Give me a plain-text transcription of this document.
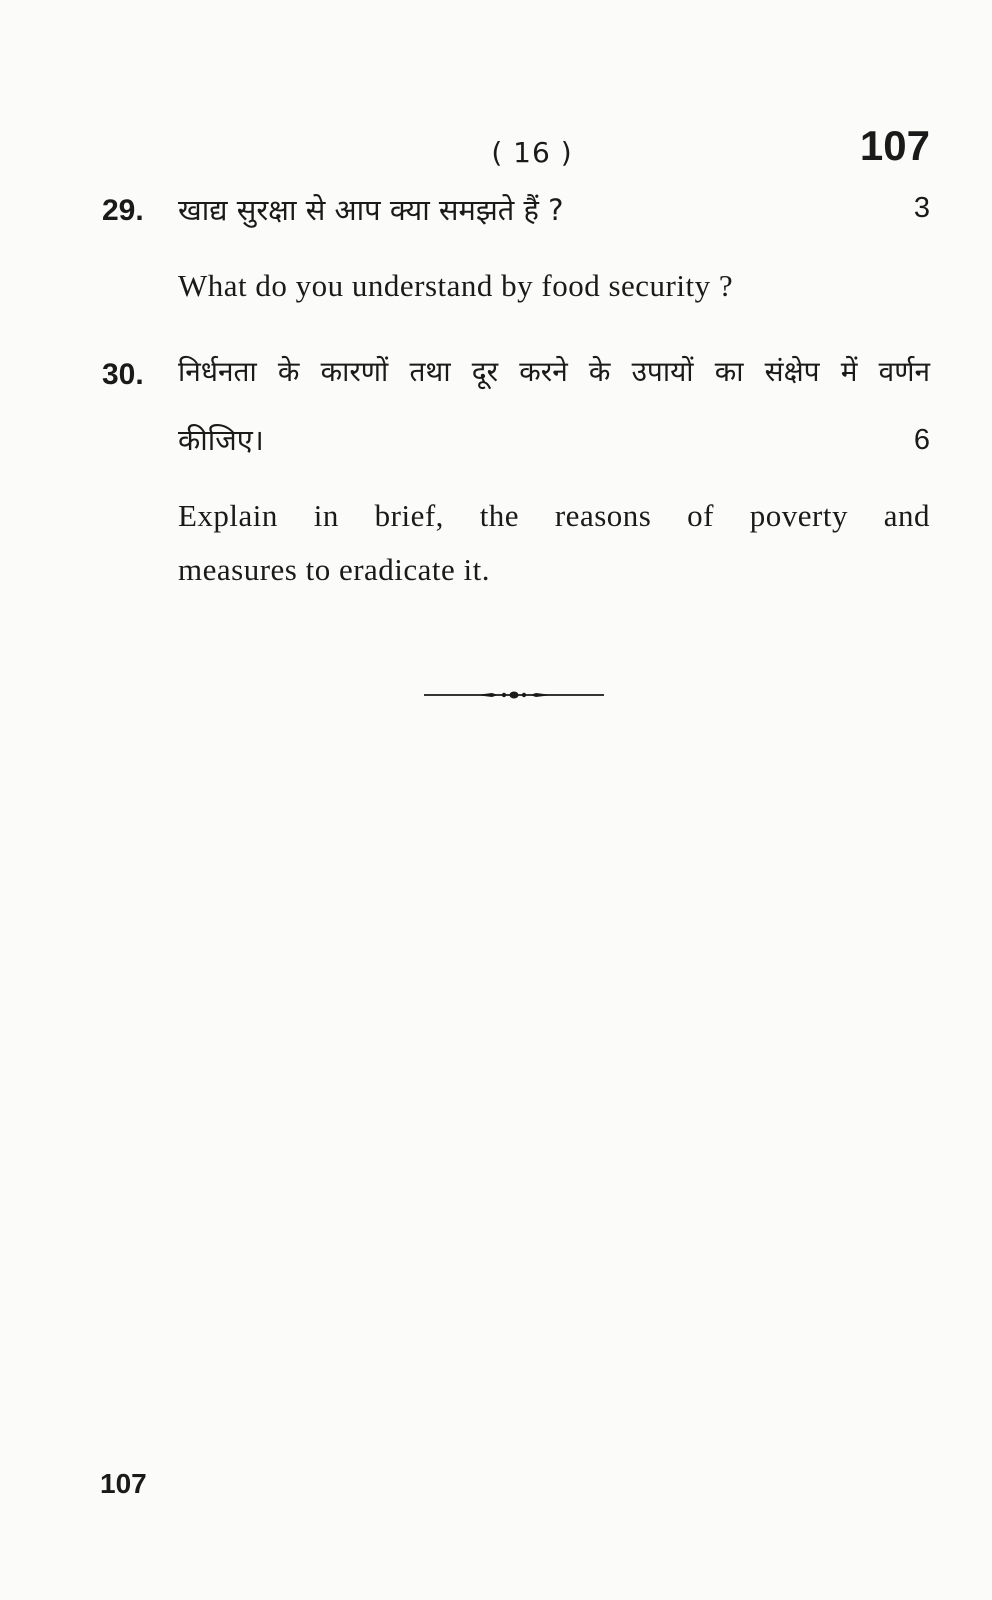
( 16 )	107
29. खाद्य सुरक्षा से आप क्या समझते हैं ?	3
What do you understand by food security ?
30. निर्धनता के कारणों तथा दूर करने के उपायों का संक्षेप में वर्णन
कीजिए।	6
Explain in brief, the reasons of poverty and
measures to eradicate it.
107
